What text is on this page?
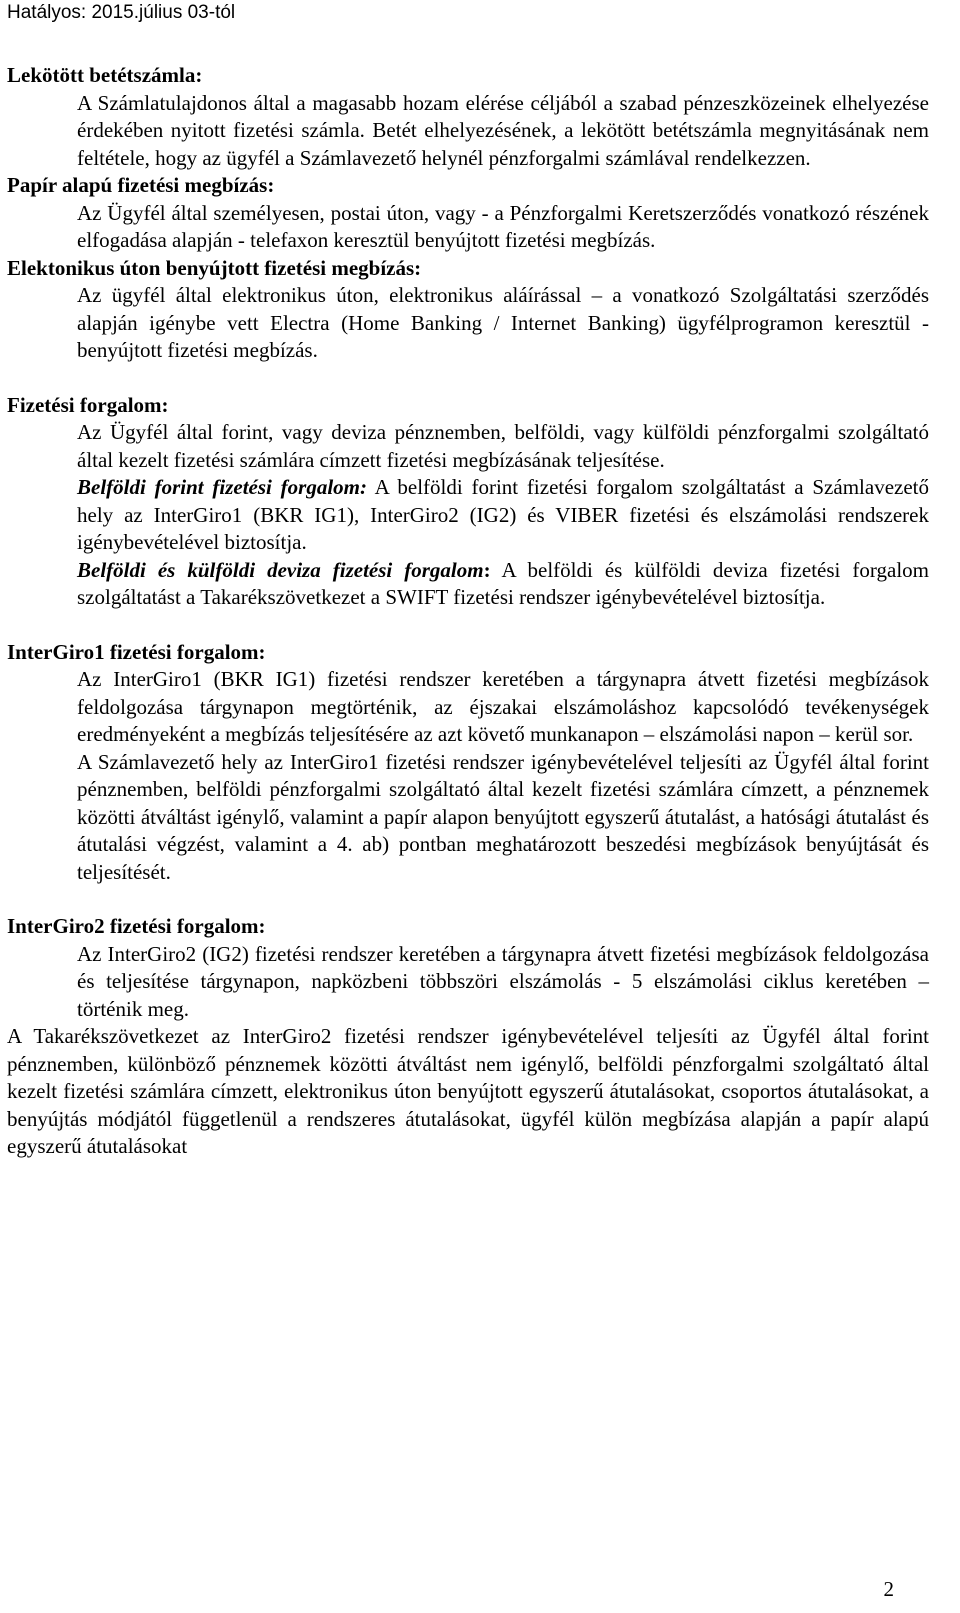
Hatályos: 2015.július 03-tól

Lekötött betétszámla:

A Számlatulajdonos által a magasabb hozam elérése céljából a szabad pénzeszközeinek elhelyezése érdekében nyitott fizetési számla. Betét elhelyezésének, a lekötött betétszámla megnyitásának nem feltétele, hogy az ügyfél a Számlavezető helynél pénzforgalmi számlával rendelkezzen.

Papír alapú fizetési megbízás:

Az Ügyfél által személyesen, postai úton, vagy - a Pénzforgalmi Keretszerződés vonatkozó részének elfogadása alapján - telefaxon keresztül benyújtott fizetési megbízás.

Elektonikus úton benyújtott fizetési megbízás:

Az ügyfél által elektronikus úton, elektronikus aláírással – a vonatkozó Szolgáltatási szerződés alapján igénybe vett Electra (Home Banking / Internet Banking) ügyfélprogramon keresztül - benyújtott fizetési megbízás.

Fizetési forgalom:

Az Ügyfél által forint, vagy deviza pénznemben, belföldi, vagy külföldi pénzforgalmi szolgáltató által kezelt fizetési számlára címzett fizetési megbízásának teljesítése.

Belföldi forint fizetési forgalom: A belföldi forint fizetési forgalom szolgáltatást a Számlavezető hely az InterGiro1 (BKR IG1), InterGiro2 (IG2) és VIBER fizetési és elszámolási rendszerek igénybevételével biztosítja.

Belföldi és külföldi deviza fizetési forgalom: A belföldi és külföldi deviza fizetési forgalom szolgáltatást a Takarékszövetkezet a SWIFT fizetési rendszer igénybevételével biztosítja.

InterGiro1 fizetési forgalom:

Az InterGiro1 (BKR IG1) fizetési rendszer keretében a tárgynapra átvett fizetési megbízások feldolgozása tárgynapon megtörténik, az éjszakai elszámoláshoz kapcsolódó tevékenységek eredményeként a megbízás teljesítésére az azt követő munkanapon – elszámolási napon – kerül sor.

A Számlavezető hely az InterGiro1 fizetési rendszer igénybevételével teljesíti az Ügyfél által forint pénznemben, belföldi pénzforgalmi szolgáltató által kezelt fizetési számlára címzett, a pénznemek közötti átváltást igénylő, valamint a papír alapon benyújtott egyszerű átutalást, a hatósági átutalást és átutalási végzést, valamint a 4. ab) pontban meghatározott beszedési megbízások benyújtását és teljesítését.

InterGiro2 fizetési forgalom:

Az InterGiro2 (IG2) fizetési rendszer keretében a tárgynapra átvett fizetési megbízások feldolgozása és teljesítése tárgynapon, napközbeni többszöri elszámolás - 5 elszámolási ciklus keretében – történik meg.

A Takarékszövetkezet az InterGiro2 fizetési rendszer igénybevételével teljesíti az Ügyfél által forint pénznemben, különböző pénznemek közötti átváltást nem igénylő, belföldi pénzforgalmi szolgáltató által kezelt fizetési számlára címzett, elektronikus úton benyújtott egyszerű átutalásokat, csoportos átutalásokat, a benyújtás módjától függetlenül a rendszeres átutalásokat, ügyfél külön megbízása alapján a papír alapú egyszerű átutalásokat

2
